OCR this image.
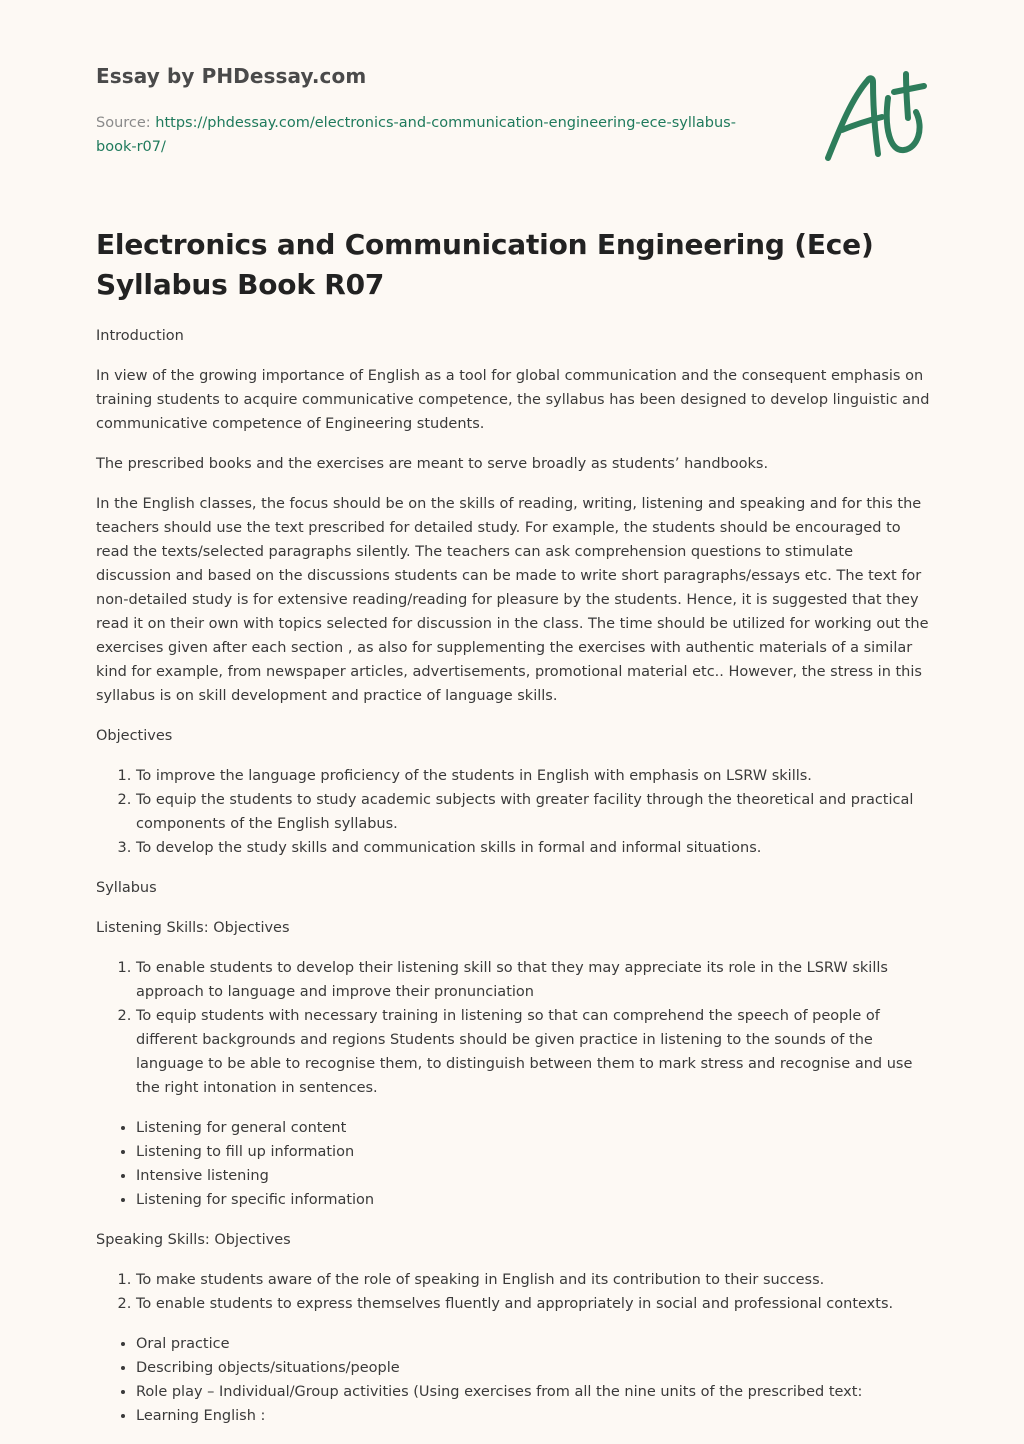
Essay by PHDessay.com
Source: https://phdessay.com/electronics-and-communication-engineering-ece-syllabus-book-r07/
Electronics and Communication Engineering (Ece) Syllabus Book R07

Introduction

In view of the growing importance of English as a tool for global communication and the consequent emphasis on training students to acquire communicative competence, the syllabus has been designed to develop linguistic and communicative competence of Engineering students.

The prescribed books and the exercises are meant to serve broadly as students’ handbooks.

In the English classes, the focus should be on the skills of reading, writing, listening and speaking and for this the teachers should use the text prescribed for detailed study. For example, the students should be encouraged to read the texts/selected paragraphs silently. The teachers can ask comprehension questions to stimulate discussion and based on the discussions students can be made to write short paragraphs/essays etc. The text for non-detailed study is for extensive reading/reading for pleasure by the students. Hence, it is suggested that they read it on their own with topics selected for discussion in the class. The time should be utilized for working out the exercises given after each section , as also for supplementing the exercises with authentic materials of a similar kind for example, from newspaper articles, advertisements, promotional material etc.. However, the stress in this syllabus is on skill development and practice of language skills.

Objectives

1. To improve the language proficiency of the students in English with emphasis on LSRW skills.
2. To equip the students to study academic subjects with greater facility through the theoretical and practical components of the English syllabus.
3. To develop the study skills and communication skills in formal and informal situations.

Syllabus

Listening Skills: Objectives

1. To enable students to develop their listening skill so that they may appreciate its role in the LSRW skills approach to language and improve their pronunciation
2. To equip students with necessary training in listening so that can comprehend the speech of people of different backgrounds and regions Students should be given practice in listening to the sounds of the language to be able to recognise them, to distinguish between them to mark stress and recognise and use the right intonation in sentences.
• Listening for general content
• Listening to fill up information
• Intensive listening
• Listening for specific information

Speaking Skills: Objectives

1. To make students aware of the role of speaking in English and its contribution to their success.
2. To enable students to express themselves fluently and appropriately in social and professional contexts.
• Oral practice
• Describing objects/situations/people
• Role play – Individual/Group activities (Using exercises from all the nine units of the prescribed text:
• Learning English :
